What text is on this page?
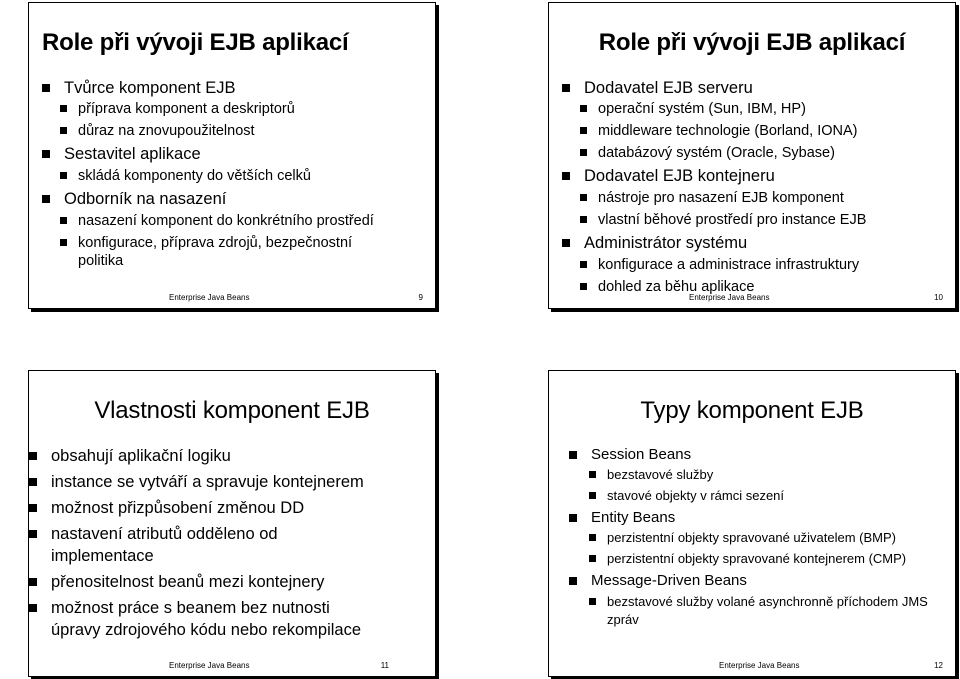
Role při vývoji EJB aplikací
Tvůrce komponent EJB
příprava komponent a deskriptorů
důraz na znovupoužitelnost
Sestavitel aplikace
skládá komponenty do větších celků
Odborník na nasazení
nasazení komponent do konkrétního prostředí
konfigurace, příprava zdrojů, bezpečnostní
politika
Enterprise Java Beans	9
Role při vývoji EJB aplikací
Dodavatel EJB serveru
operační systém (Sun, IBM, HP)
middleware technologie (Borland, IONA)
databázový systém (Oracle, Sybase)
Dodavatel EJB kontejneru
nástroje pro nasazení EJB komponent
vlastní běhové prostředí pro instance EJB
Administrátor systému
konfigurace a administrace infrastruktury
dohled za běhu aplikace
Enterprise Java Beans	10
Vlastnosti komponent EJB
obsahují aplikační logiku
instance se vytváří a spravuje kontejnerem
možnost přizpůsobení změnou DD
nastavení atributů odděleno od
implementace
přenositelnost beanů mezi kontejnery
možnost práce s beanem bez nutnosti
úpravy zdrojového kódu nebo rekompilace
Enterprise Java Beans	11
Typy komponent EJB
Session Beans
bezstavové služby
stavové objekty v rámci sezení
Entity Beans
perzistentní objekty spravované uživatelem (BMP)
perzistentní objekty spravované kontejnerem (CMP)
Message-Driven Beans
bezstavové služby volané asynchronně příchodem JMS
zpráv
Enterprise Java Beans	12
